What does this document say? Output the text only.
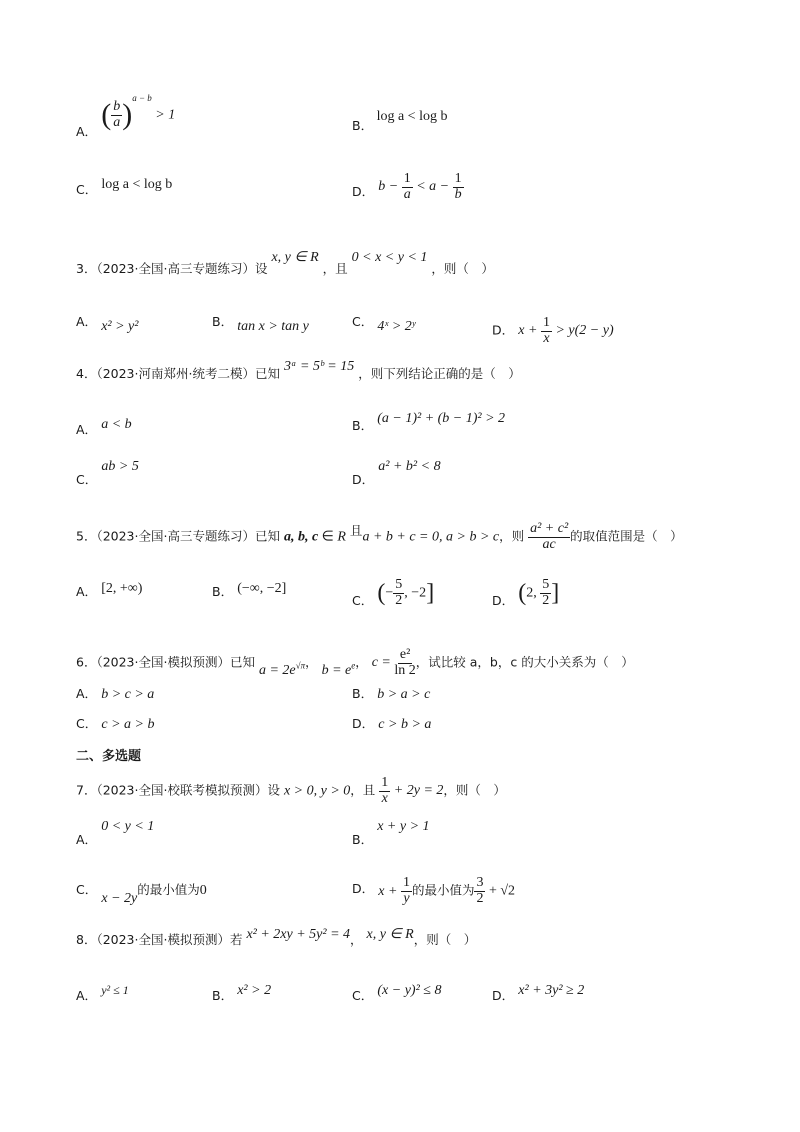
A． ( $\frac{b}{a} )^{a - b} > 1$
B． log a < log b
C． log a < log b	D． $b - \frac{1}{a} < a - \frac{1}{b}$
3．（2023·全国·高三专题练习）设 x, y ∈ R ，且 0 < x < y < 1 ，则（　）
A． x² > y²	B． tan x > tan y	C． 4ˣ > 2ʸ	D． $x + \frac{1}{x} > y(2 - y)$
4．（2023·河南郑州·统考二模）已知 3ᵃ = 5ᵇ = 15 ，则下列结论正确的是（　）
A． a < b	B． (a − 1)² + (b − 1)² > 2
C． ab > 5
D． a² + b² < 8
5．（2023·全国·高三专题练习）已知 a, b, c ∈ R 且a + b + c = 0, a > b > c，则 $\frac{\text{a² + c²}}{ac}$ 的取值范围是（　）
A． [2, +∞)	B． (−∞, −2]
C． (− $\frac{5}{2}$ , −2]	D． (2, $\frac{5}{2}$ ]
6．（2023·全国·模拟预测）已知 $a = 2e^{√\pi}$， $b = e^e$， $c = \frac{\text{e²}}{\ln 2}$ ，试比较 a，b，c 的大小关系为（　）
A． b > c > a	B． b > a > c
C． c > a > b	D． c > b > a
二、多选题
7．（2023·全国·校联考模拟预测）设 x > 0, y > 0，且 $\frac{1}{x} + 2y = 2$，则（　）
A． 0 < y < 1
B． x + y > 1
C． x − 2y的最小值为0	D． $x + \frac{1}{y}$ 的最小值为 $\frac{3}{2} + √2$
8．（2023·全国·模拟预测）若 x² + 2xy + 5y² = 4， x, y ∈ R，则（　）
A． y² ≤ 1	B． x² > 2	C． (x − y)² ≤ 8	D． x² + 3y² ≥ 2
